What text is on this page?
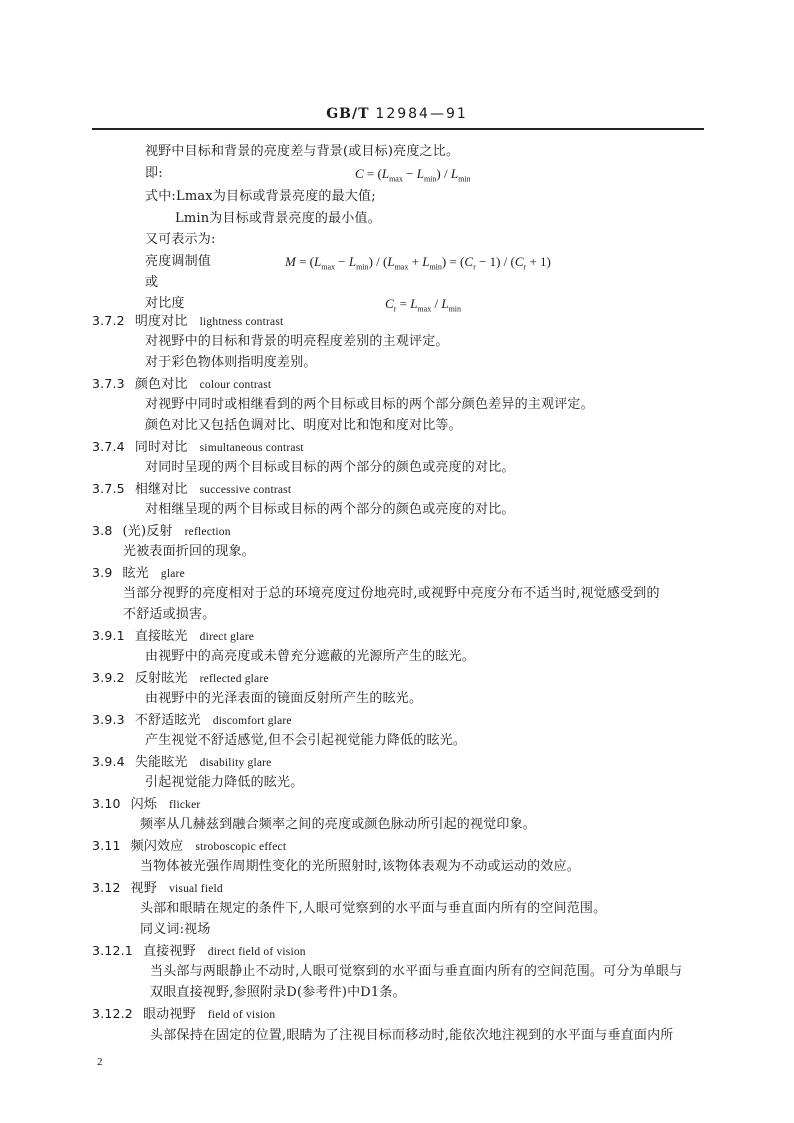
GB/T 12984—91
视野中目标和背景的亮度差与背景(或目标)亮度之比。
即:
式中:Lmax为目标或背景亮度的最大值;
Lmin为目标或背景亮度的最小值。
又可表示为:
亮度调制值
或
对比度
3.7.2 明度对比 lightness contrast
对视野中的目标和背景的明亮程度差别的主观评定。
对于彩色物体则指明度差别。
3.7.3 颜色对比 colour contrast
对视野中同时或相继看到的两个目标或目标的两个部分颜色差异的主观评定。
颜色对比又包括色调对比、明度对比和饱和度对比等。
3.7.4 同时对比 simultaneous contrast
对同时呈现的两个目标或目标的两个部分的颜色或亮度的对比。
3.7.5 相继对比 successive contrast
对相继呈现的两个目标或目标的两个部分的颜色或亮度的对比。
3.8 (光)反射 reflection
光被表面折回的现象。
3.9 眩光 glare
当部分视野的亮度相对于总的环境亮度过份地亮时,或视野中亮度分布不适当时,视觉感受到的
不舒适或损害。
3.9.1 直接眩光 direct glare
由视野中的高亮度或未曾充分遮蔽的光源所产生的眩光。
3.9.2 反射眩光 reflected glare
由视野中的光泽表面的镜面反射所产生的眩光。
3.9.3 不舒适眩光 discomfort glare
产生视觉不舒适感觉,但不会引起视觉能力降低的眩光。
3.9.4 失能眩光 disability glare
引起视觉能力降低的眩光。
3.10 闪烁 flicker
频率从几赫兹到融合频率之间的亮度或颜色脉动所引起的视觉印象。
3.11 频闪效应 stroboscopic effect
当物体被光强作周期性变化的光所照射时,该物体表观为不动或运动的效应。
3.12 视野 visual field
头部和眼睛在规定的条件下,人眼可觉察到的水平面与垂直面内所有的空间范围。
同义词:视场
3.12.1 直接视野 direct field of vision
当头部与两眼静止不动时,人眼可觉察到的水平面与垂直面内所有的空间范围。可分为单眼与
双眼直接视野,参照附录D(参考件)中D1条。
3.12.2 眼动视野 field of vision
头部保持在固定的位置,眼睛为了注视目标而移动时,能依次地注视到的水平面与垂直面内所
$C = (L_{max} - L_{min}) / L_{min}$
$M = (L_{max} - L_{min}) / (L_{max} + L_{min}) = (C_r - 1) / (C_r + 1)$
$C_r = L_{max} / L_{min}$
2
